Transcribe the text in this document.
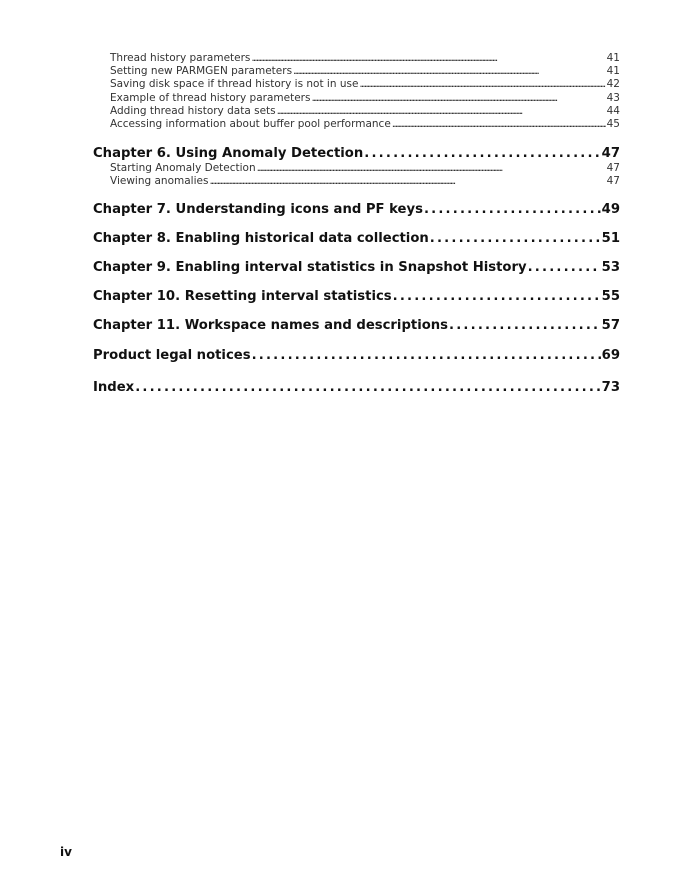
Thread history parameters . . .	41
Setting new PARMGEN parameters . . .	41
Saving disk space if thread history is not in use . . .	42
Example of thread history parameters . . .	43
Adding thread history data sets . . .	44
Accessing information about buffer pool performance . . .	45
Chapter 6. Using Anomaly Detection . . .	47
Starting Anomaly Detection . . .	47
Viewing anomalies . . .	47
Chapter 7. Understanding icons and PF keys . . .	49
Chapter 8. Enabling historical data collection . . .	51
Chapter 9. Enabling interval statistics in Snapshot History . . .	53
Chapter 10. Resetting interval statistics . . .	55
Chapter 11. Workspace names and descriptions . . .	57
Product legal notices . . .	69
Index . . .	73
iv
